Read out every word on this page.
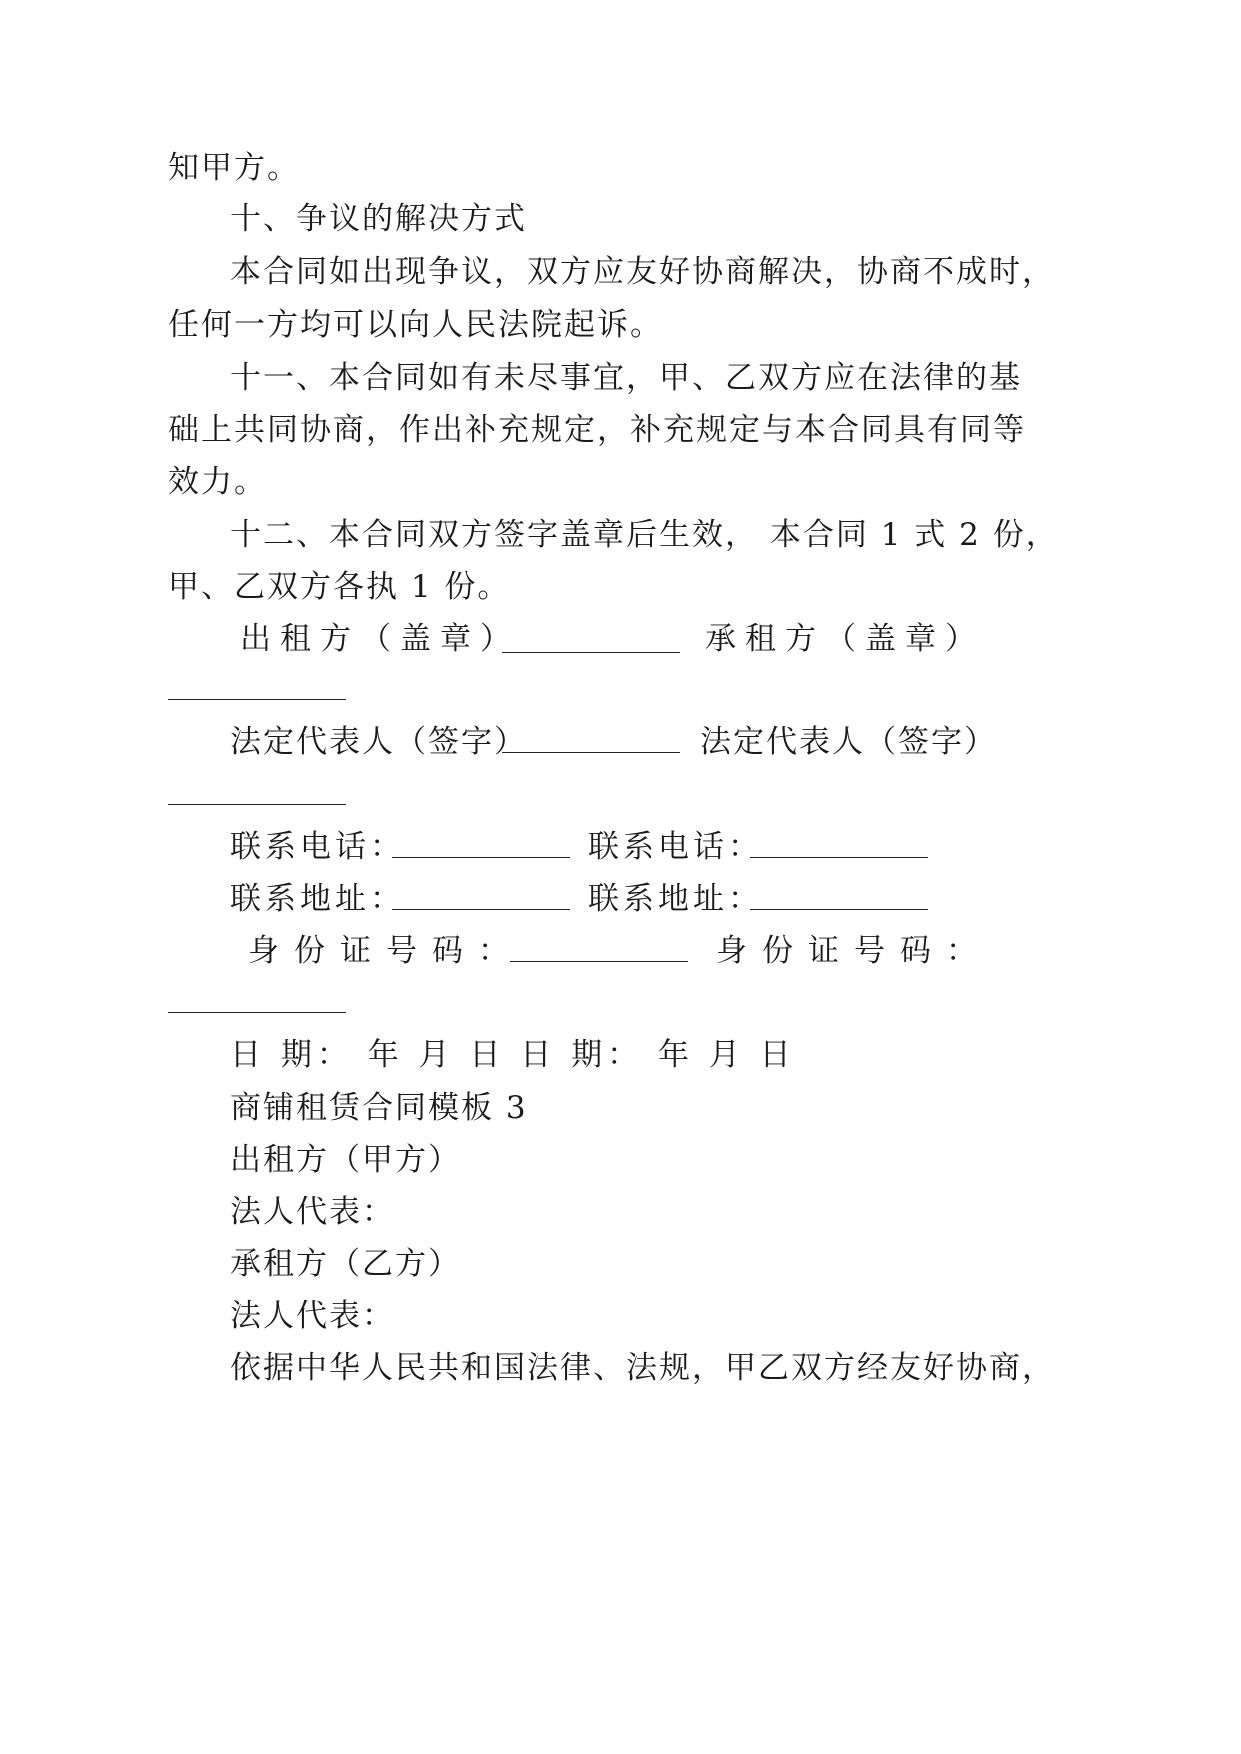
知甲方。
十、争议的解决方式
本合同如出现争议，双方应友好协商解决，协商不成时，
任何一方均可以向人民法院起诉。
十一、本合同如有未尽事宜，甲、乙双方应在法律的基
础上共同协商，作出补充规定，补充规定与本合同具有同等
效力。
十二、本合同双方签字盖章后生效， 本合同 1 式 2 份，
甲、乙双方各执 1 份。
出租方（盖章）	承租方（盖章）
法定代表人（签字）	法定代表人（签字）
联系电话：	联系电话：
联系地址：	联系地址：
身份证号码：	身份证号码：
日 期： 年 月 日 日 期： 年 月 日
商铺租赁合同模板 3
出租方（甲方）
法人代表：
承租方（乙方）
法人代表：
依据中华人民共和国法律、法规，甲乙双方经友好协商，
